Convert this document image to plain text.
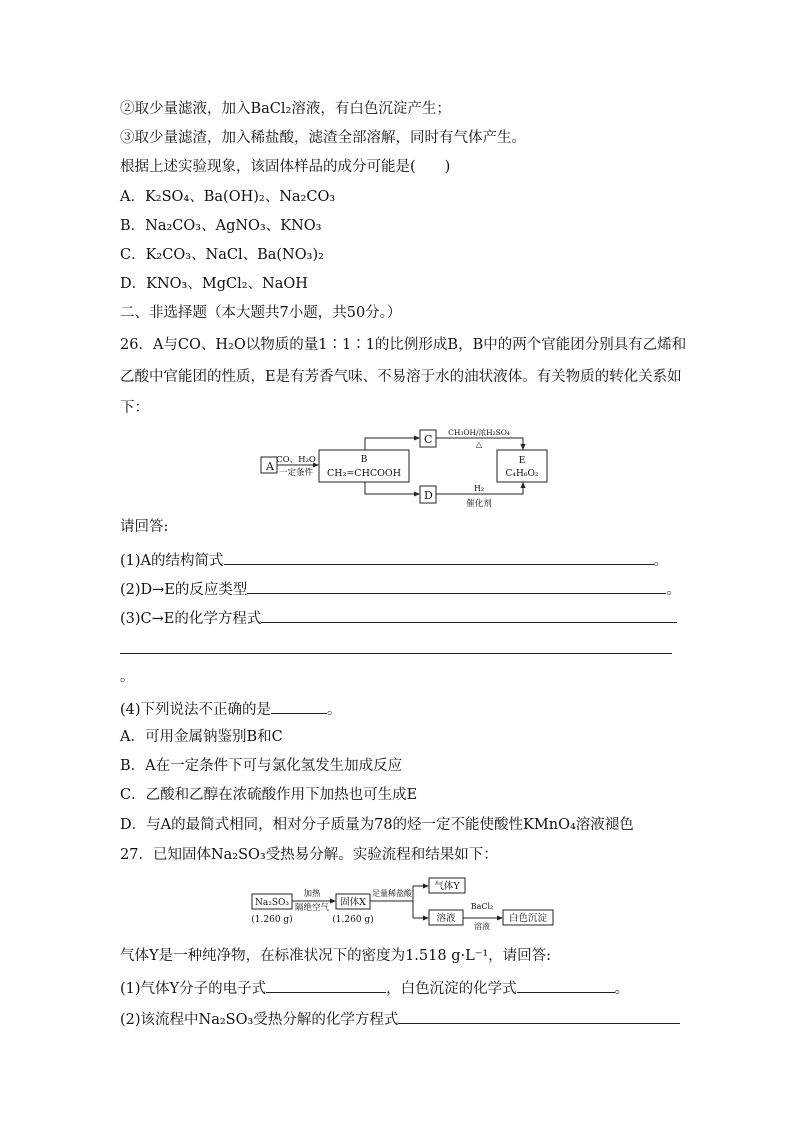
②取少量滤液，加入BaCl₂溶液，有白色沉淀产生；
③取少量滤渣，加入稀盐酸，滤渣全部溶解，同时有气体产生。
根据上述实验现象，该固体样品的成分可能是(　　)
A．K₂SO₄、Ba(OH)₂、Na₂CO₃
B．Na₂CO₃、AgNO₃、KNO₃
C．K₂CO₃、NaCl、Ba(NO₃)₂
D．KNO₃、MgCl₂、NaOH
二、非选择题（本大题共7小题，共50分。）
26．A与CO、H₂O以物质的量1∶1∶1的比例形成B，B中的两个官能团分别具有乙烯和
乙酸中官能团的性质，E是有芳香气味、不易溶于水的油状液体。有关物质的转化关系如
下：
A CO、H₂O
一定条件
B
CH₂=CHCOOH
C
D
CH₃OH/浓H₂SO₄
△
H₂
催化剂
E
C₄H₆O₂
请回答:
(1)A的结构简式	。
(2)D→E的反应类型	。
(3)C→E的化学方程式
。
(4)下列说法不正确的是	。
A．可用金属钠鉴别B和C
B．A在一定条件下可与氯化氢发生加成反应
C．乙酸和乙醇在浓硫酸作用下加热也可生成E
D．与A的最简式相同，相对分子质量为78的烃一定不能使酸性KMnO₄溶液褪色
27．已知固体Na₂SO₃受热易分解。实验流程和结果如下：
Na₂SO₃
(1.260 g)
加热
隔绝空气 固体X
(1.260 g)
足量稀盐酸
气体Y
溶液
BaCl₂
溶液
白色沉淀
气体Y是一种纯净物，在标准状况下的密度为1.518 g·L⁻¹，请回答:
(1)气体Y分子的电子式	，白色沉淀的化学式	。
(2)该流程中Na₂SO₃受热分解的化学方程式
